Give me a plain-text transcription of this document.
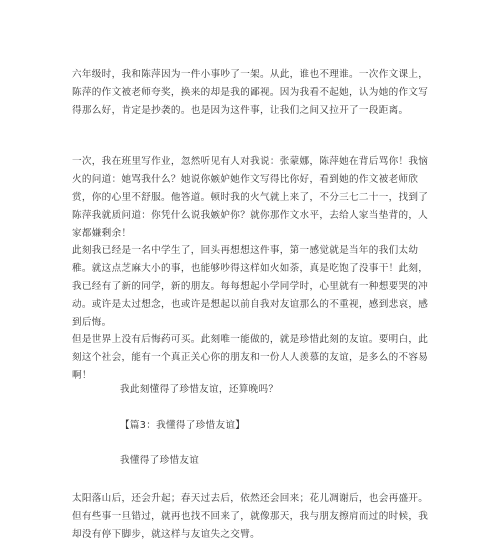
六年级时，我和陈萍因为一件小事吵了一架。从此，谁也不理谁。一次作文课上，陈萍的作文被老师夸奖，换来的却是我的鄙视。因为我看不起她，认为她的作文写得那么好，肯定是抄袭的。也是因为这件事，让我们之间又拉开了一段距离。

一次，我在班里写作业，忽然听见有人对我说：张蒙娜，陈萍她在背后骂你！我恼火的问道：她骂我什么？她说你嫉妒她作文写得比你好，看到她的作文被老师欣赏，你的心里不舒服。他答道。顿时我的火气就上来了，不分三七二十一，找到了陈萍我就质问道：你凭什么说我嫉妒你？就你那作文水平，去给人家当垫背的，人家都嫌剩余！

此刻我已经是一名中学生了，回头再想想这件事，第一感觉就是当年的我们太幼稚。就这点芝麻大小的事，也能够吵得这样如火如荼，真是吃饱了没事干！此刻，我已经有了新的同学，新的朋友。每每想起小学同学时，心里就有一种想要哭的冲动。或许是太过想念，也或许是想起以前自我对友谊那么的不重视，感到悲哀，感到后悔。

但是世界上没有后悔药可买。此刻唯一能做的，就是珍惜此刻的友谊。要明白，此刻这个社会，能有一个真正关心你的朋友和一份人人羡慕的友谊，是多么的不容易啊！

我此刻懂得了珍惜友谊，还算晚吗？

【篇3：我懂得了珍惜友谊】

我懂得了珍惜友谊

太阳落山后，还会升起；春天过去后，依然还会回来；花儿凋谢后，也会再盛开。但有些事一旦错过，就再也找不回来了，就像那天，我与朋友擦肩而过的时候，我却没有停下脚步，就这样与友谊失之交臂。
